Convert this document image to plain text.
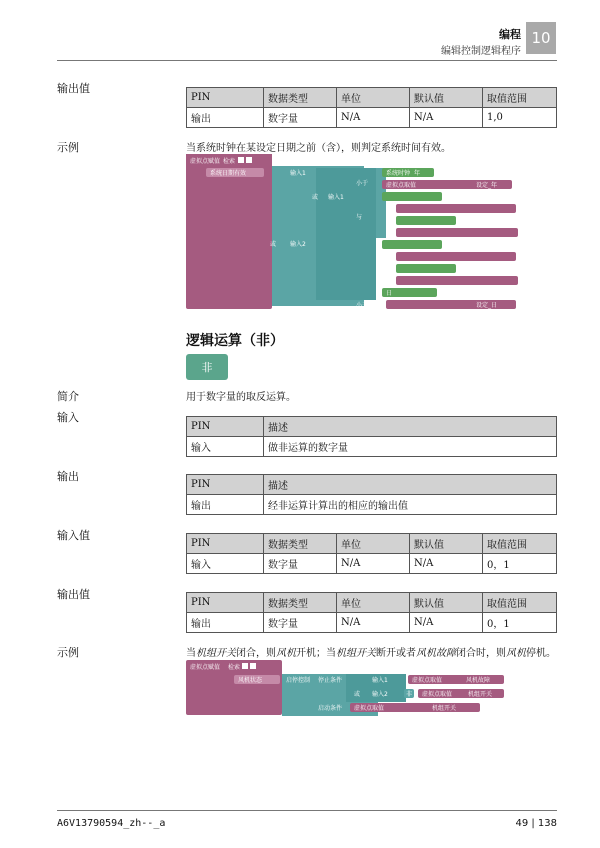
编程
编辑控制逻辑程序
10
输出值
PIN	数据类型	单位	默认值	取值范围
输出	数字量	N/A	N/A	1,0
示例	当系统时钟在某设定日期之前（含），则判定系统时间有效。
虚拟点赋值 检索
系统日期有效	输入1
或 输入2
或 输入1
小于
与
系统时钟 年
虚拟点取值	设定_年
日
设定_日
小于等于
逻辑运算（非）
非
简介	用于数字量的取反运算。
输入
PIN	描述
输入	做非运算的数字量
输出
PIN	描述
输出	经非运算计算出的相应的输出值
输入值
PIN	数据类型	单位	默认值	取值范围
输入	数字量	N/A	N/A	0，1
输出值
PIN	数据类型	单位	默认值	取值范围
输出	数字量	N/A	N/A	0，1
示例	当机组开关闭合，则风机开机；当机组开关断开或者风机故障闭合时，则风机停机。
虚拟点赋值 检索
风机状态	启停控制 停止条件
启动条件
或
输入1
输入2
虚拟点取值	风机故障
非 虚拟点取值	机组开关
虚拟点取值	机组开关
A6V13790594_zh--_a	49 | 138
